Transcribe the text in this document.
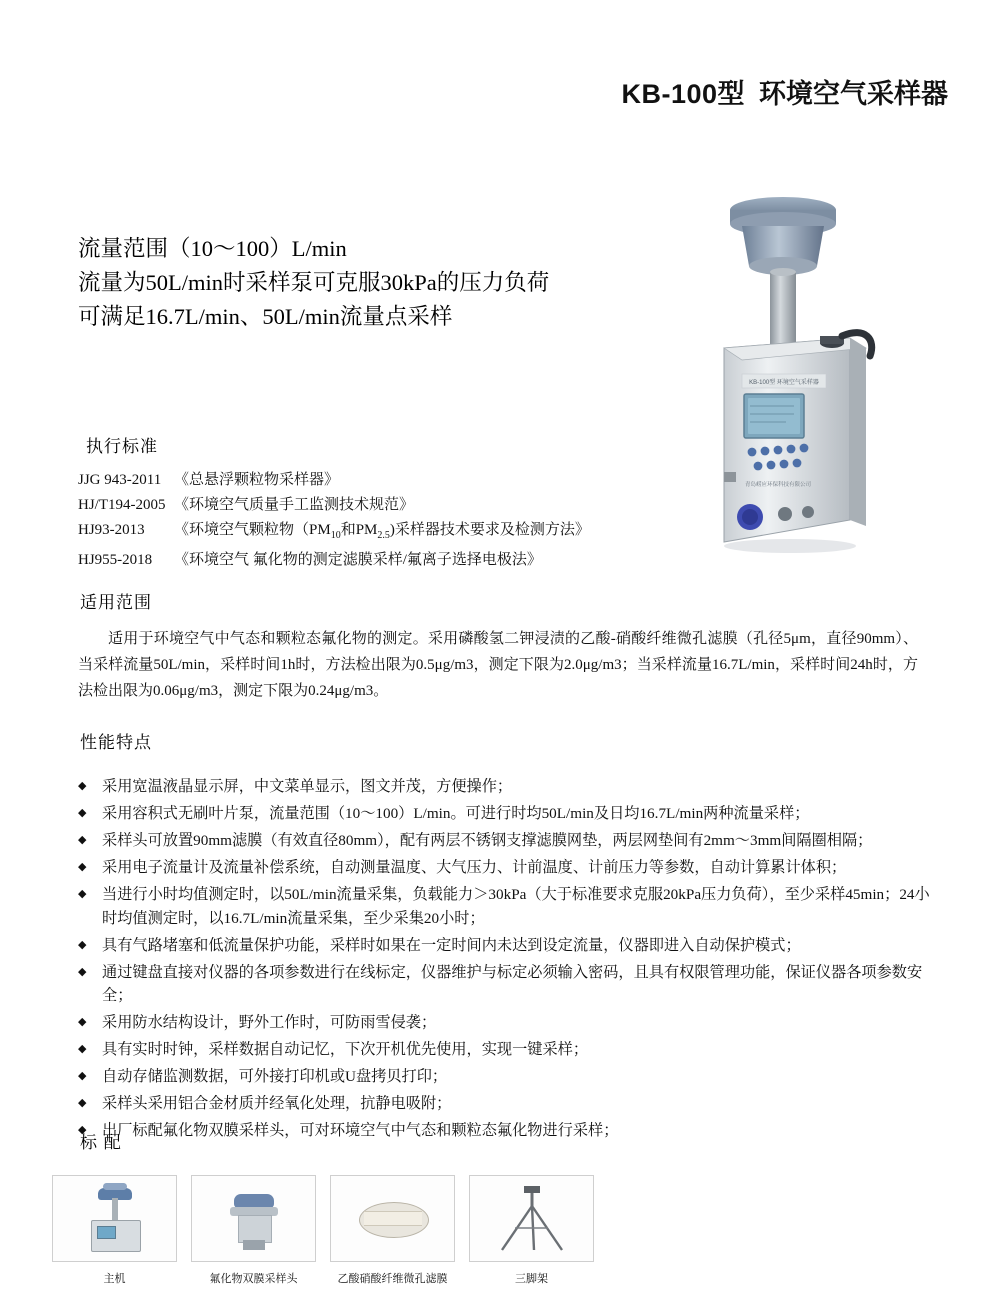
KB-100型 环境空气采样器
流量范围（10～100）L/min
流量为50L/min时采样泵可克服30kPa的压力负荷
可满足16.7L/min、50L/min流量点采样
KB-100型 环境空气采样器
青岛崂应环保科技有限公司
执行标准
JJG 943-2011 《总悬浮颗粒物采样器》
HJ/T194-2005 《环境空气质量手工监测技术规范》
HJ93-2013 《环境空气颗粒物（$PM_{10}$和$PM_{2.5}$)采样器技术要求及检测方法》
HJ955-2018 《环境空气 氟化物的测定滤膜采样/氟离子选择电极法》
适用范围
适用于环境空气中气态和颗粒态氟化物的测定。采用磷酸氢二钾浸渍的乙酸-硝酸纤维微孔滤膜（孔径5μm，直径90mm）、当采样流量50L/min，采样时间1h时，方法检出限为0.5μg/m3，测定下限为2.0μg/m3；当采样流量16.7L/min，采样时间24h时，方法检出限为0.06μg/m3，测定下限为0.24μg/m3。
性能特点
◆ 采用宽温液晶显示屏，中文菜单显示，图文并茂，方便操作；
◆ 采用容积式无刷叶片泵，流量范围（10～100）L/min。可进行时均50L/min及日均16.7L/min两种流量采样；
◆ 采样头可放置90mm滤膜（有效直径80mm），配有两层不锈钢支撑滤膜网垫，两层网垫间有2mm～3mm间隔圈相隔；
◆ 采用电子流量计及流量补偿系统，自动测量温度、大气压力、计前温度、计前压力等参数，自动计算累计体积；
◆ 当进行小时均值测定时，以50L/min流量采集，负载能力＞30kPa（大于标准要求克服20kPa压力负荷），至少采样45min；24小时均值测定时，以16.7L/min流量采集，至少采集20小时；
◆ 具有气路堵塞和低流量保护功能，采样时如果在一定时间内未达到设定流量，仪器即进入自动保护模式；
◆ 通过键盘直接对仪器的各项参数进行在线标定，仪器维护与标定必须输入密码，且具有权限管理功能，保证仪器各项参数安全；
◆ 采用防水结构设计，野外工作时，可防雨雪侵袭；
◆ 具有实时时钟，采样数据自动记忆，下次开机优先使用，实现一键采样；
◆ 自动存储监测数据，可外接打印机或U盘拷贝打印；
◆ 采样头采用铝合金材质并经氧化处理，抗静电吸附；
◆ 出厂标配氟化物双膜采样头，可对环境空气中气态和颗粒态氟化物进行采样；
标 配
主机	氟化物双膜采样头	乙酸硝酸纤维微孔滤膜	三脚架
